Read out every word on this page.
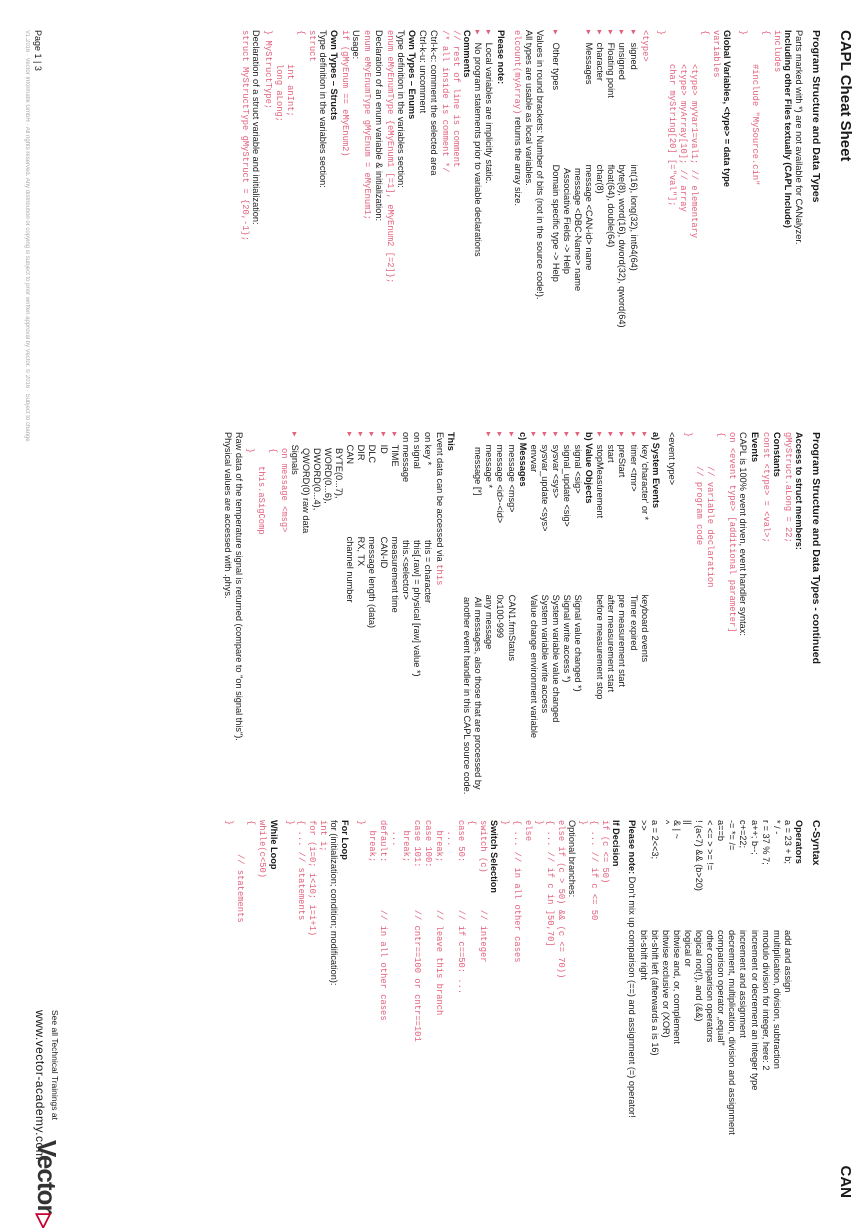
CAPL Cheat Sheet
CAN
Program Structure and Data Types
Parts marked with *) are not available for CANalyzer.
Including other Files textually (CAPL Include)
includes
{
#include "MySource.cin"
}
Global Variables, <type> = data type
variables
{
<type> myVar1=val1; // elementary
<type> myArray[10]; // array
char myString[20] [="val"];
}
<type>
▸ signed
int(16), long(32), int64(64)
▸ unsigned
byte(8), word(16), dword(32), qword(64)
▸ Floating point
float(64), double(64)
▸ character
char(8)
▸ Messages
message <CAN-id> name
message <DBC-Name> name
Associative Fields -> Help
▸ Other types
Domain specific type -> Help
Values in round brackets: Number of bits (not in the source code!).
All types are usable as local variables.
elcount(myArray) returns the array size.
Please note:
▸ Local variables are implicitly static.
▸ No program statements prior to variable declarations
Comments
// rest of line is comment
/* all inside is comment */
Ctrl-k-c: comment the selected area
Ctrl-k-u: uncomment
Own Types – Enums
Type definition in the variables section:
enum eMyEnumType {eMyEnum1 [=1], eMyEnum2 [=2]};
Declaration of an enum variable & initialization:
enum eMyEnumType gMyEnum = eMyEnum1;
Usage:
if (gMyEnum == eMyEnum2)
Own Types – Structs
Type definition in the variables section:
struct
{
int anInt;
long aLong;
} MyStructType;
Declaration of a struct variable and initialization:
struct MyStructType gMyStruct = {20,-1};
Program Structure and Data Types - continued
Access to struct members:
gMyStruct.aLong = 22;
Constants
const <type> = <val>;
Events
CAPL is 100% event driven, event handler syntax:
on <event type> [additional parameter]
{
// variable declaration
// program code
}
<event type>
a) System Events
▸ key 'character' or *
keyboard events
▸ timer <tmr>
Timer expired
▸ preStart
pre measurement start
▸ start
after measurement start
▸ stopMeasurement
before measurement stop
b) Value Objects
▸ signal <sig>
Signal value changed *)
▸ signal_update <sig>
Signal write access *)
▸ sysvar <sys>
System variable value changed
▸ sysvar_update <sys>
System variable write access
▸ envvar
Value change environment variable
c) Messages
▸ message <msg>
CAN1.frmStatus
▸ message <id>-<id>
0x100-999
▸ message *
any message
message [*]
All messages, also those that are processed by
another event handler in this CAPL source code.
This
Event data can be accessed via this
on key *
this = character
on signal
this[.raw] = physical [raw] value *)
on message
this.<selector>
▸ TIME
measurement time
▸ ID
CAN-ID
▸ DLC
message length (data)
▸ DIR
RX, TX
▸ CAN
channel number
BYTE(0...7),
WORD(0...6),
DWORD(0...4),
QWORD(0) raw data
▸ Signals
on message <msg>
{
this.aSigComp
}
Raw data of the temperature signal is returned (compare to "on signal this").
Physical values are accessed with .phys.
C-Syntax
Operators
a = 23 + b;
add and assign
* / -
multiplication, division, subtraction
r = 37 % 7;
modulo division for integer, here: 2
a++; b--;
increment or decrement an integer type
c+=22;
increment and assignment
-= *= /=
decrement, multiplication, division and assignment
a==b
comparison operator „equal"
< <= > >= !=
other comparison operators
! (a<7) && (b>20)
logical not(!), and (&&)
||
logical or
& | ~
bitwise and, or, complement
^
bitwise exclusive or (XOR)
a = 2<<3;
bit-shift left (afterwards a is 16)
>>
bit-shift right
Please note: Don't mix up comparison (==) and assignment (=) operator!
If Decision
if (c <= 50)
{ ... // if c <= 50
}
Optional branches:
else if (c > 50) && (c <= 70))
{ ... // if c in ]50,70]
}
else
{ ... // in all other cases
}
Switch Selection
switch (c)       // integer
{
case 50:         // if c==50: ...
...
break;         // leave this branch
case 100:
case 101:        // cntr==100 or cntr==101
break;
...
default:         // in all other cases
break;
}
For Loop
for (initialization; condition; modification):
int i;
for (i=0; i<10; i=i+1)
{ ... // statements
}
While Loop
while(c<50)
{
// statements
}
Page 1 | 3
V1.2016 · Vector Informatik GmbH · All rights reserved. Any distribution or copying is subject to prior written approval by Vector. © 2016 · Subject to change
See all Technical Trainings at
www.vector-academy.com
Vector▷
